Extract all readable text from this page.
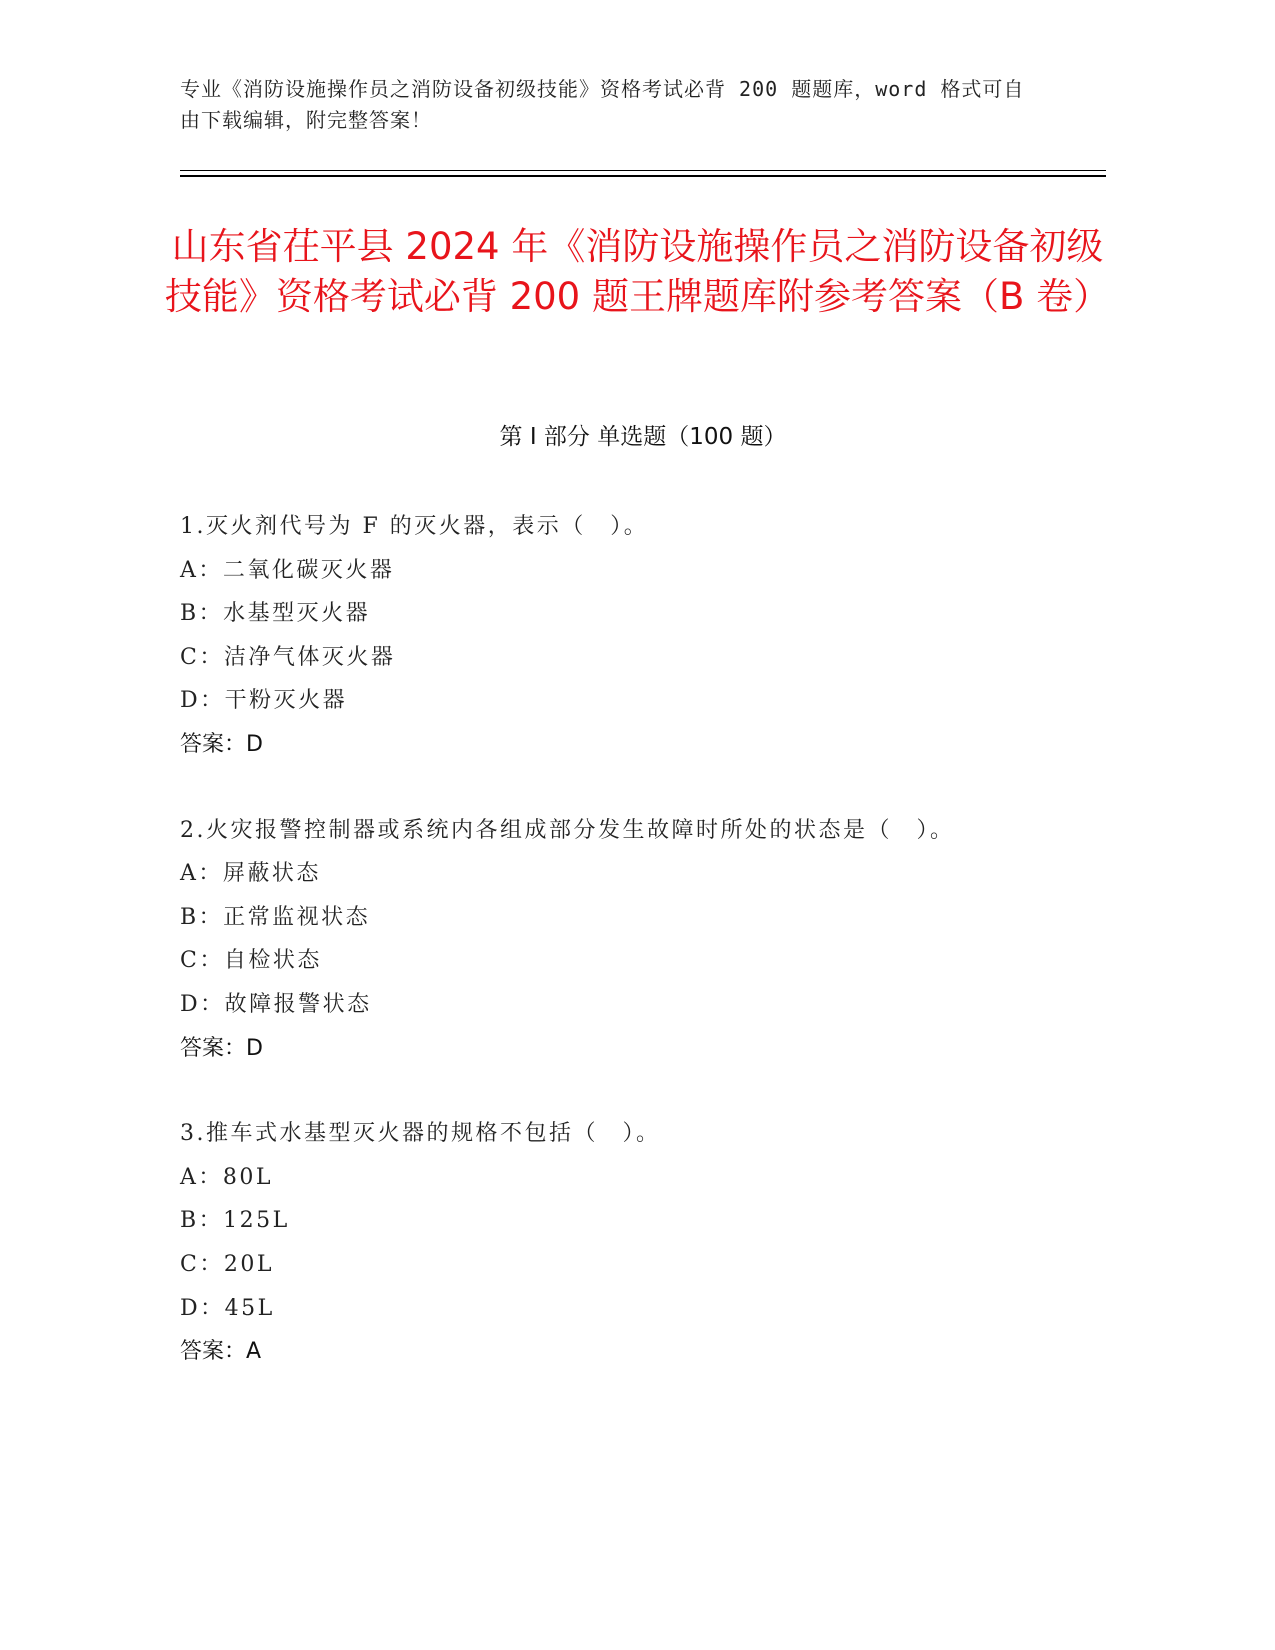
专业《消防设施操作员之消防设备初级技能》资格考试必背 200 题题库，word 格式可自由下载编辑，附完整答案！
山东省茌平县 2024 年《消防设施操作员之消防设备初级技能》资格考试必背 200 题王牌题库附参考答案（B 卷）
第 I 部分 单选题（100 题）
1.灭火剂代号为 F 的灭火器，表示（　）。
A：二氧化碳灭火器
B：水基型灭火器
C：洁净气体灭火器
D：干粉灭火器
答案：D
2.火灾报警控制器或系统内各组成部分发生故障时所处的状态是（　）。
A：屏蔽状态
B：正常监视状态
C：自检状态
D：故障报警状态
答案：D
3.推车式水基型灭火器的规格不包括（　）。
A：80L
B：125L
C：20L
D：45L
答案：A
